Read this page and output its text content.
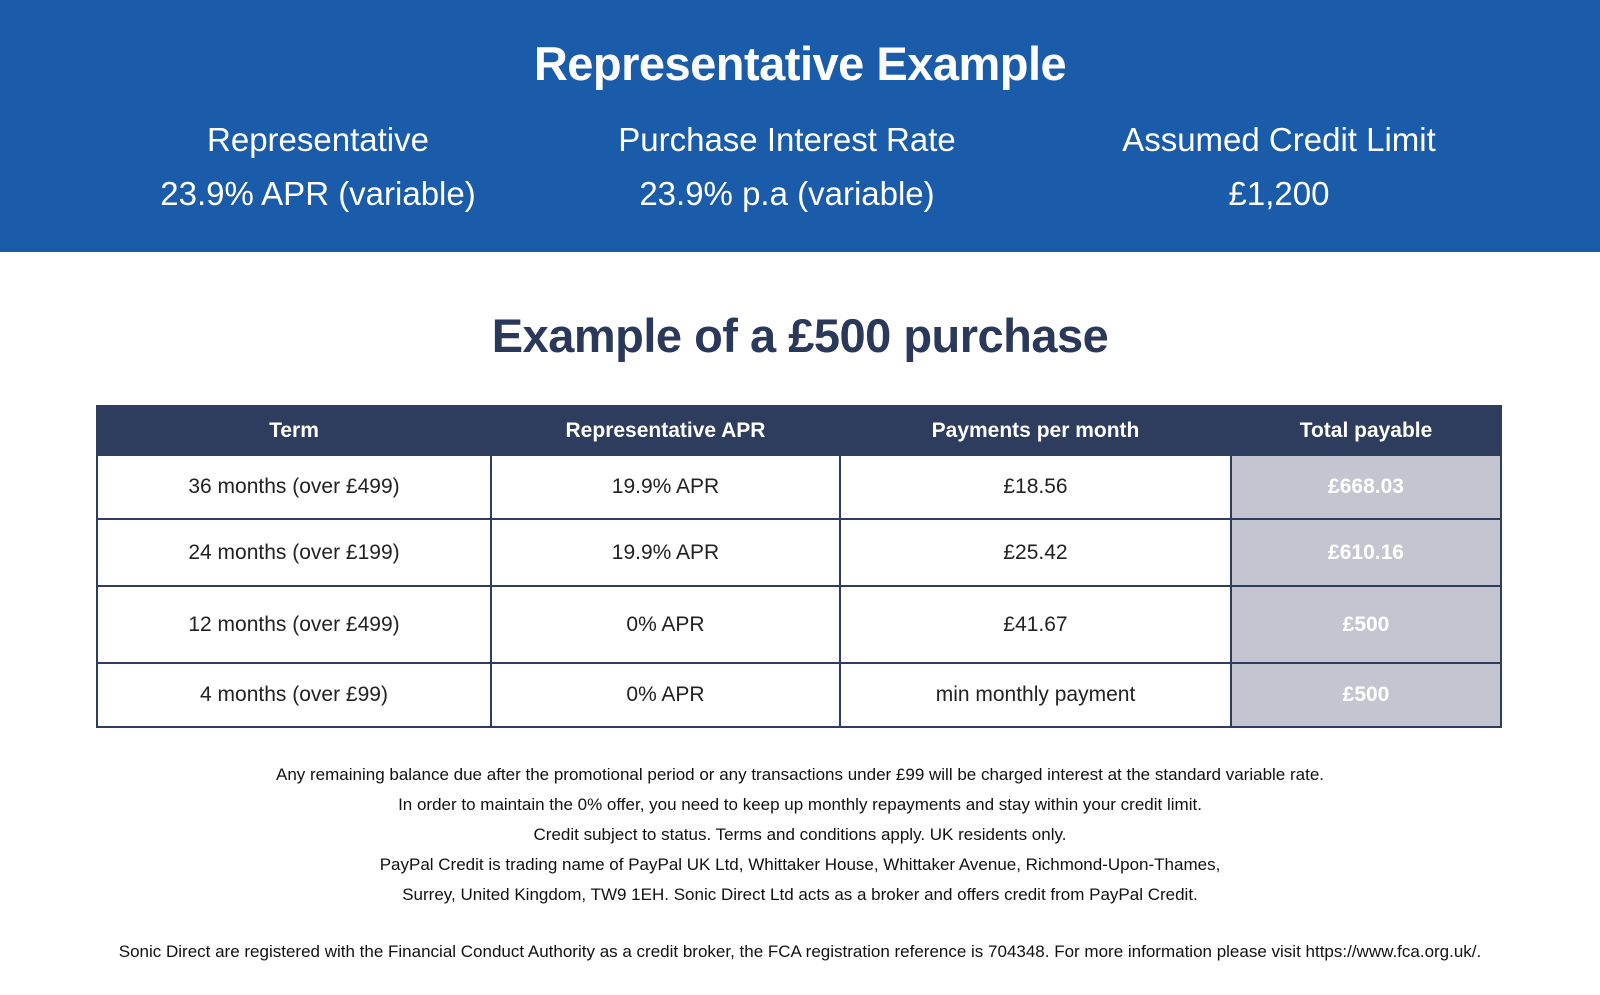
Representative Example
Representative
23.9% APR (variable)
Purchase Interest Rate
23.9% p.a (variable)
Assumed Credit Limit
£1,200
Example of a £500 purchase
Term	Representative APR	Payments per month	Total payable
36 months (over £499)	19.9% APR	£18.56	£668.03
24 months (over £199)	19.9% APR	£25.42	£610.16
12 months (over £499)	0% APR	£41.67	£500
4 months (over £99)	0% APR	min monthly payment	£500
Any remaining balance due after the promotional period or any transactions under £99 will be charged interest at the standard variable rate.
In order to maintain the 0% offer, you need to keep up monthly repayments and stay within your credit limit.
Credit subject to status. Terms and conditions apply. UK residents only.
PayPal Credit is trading name of PayPal UK Ltd, Whittaker House, Whittaker Avenue, Richmond-Upon-Thames,
Surrey, United Kingdom, TW9 1EH. Sonic Direct Ltd acts as a broker and offers credit from PayPal Credit.
Sonic Direct are registered with the Financial Conduct Authority as a credit broker, the FCA registration reference is 704348. For more information please visit https://www.fca.org.uk/.
